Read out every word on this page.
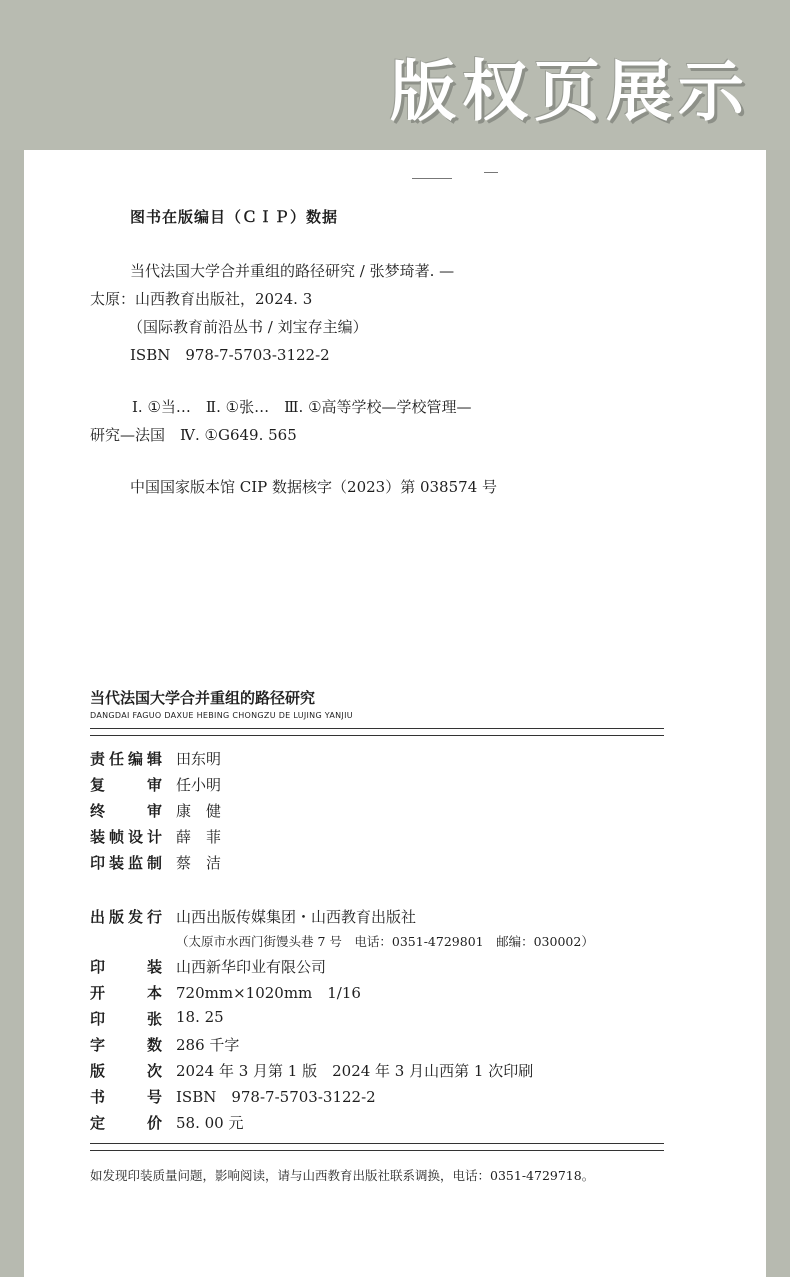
版权页展示
图书在版编目（ＣＩＰ）数据
当代法国大学合并重组的路径研究 / 张梦琦著. —
太原：山西教育出版社，2024. 3
（国际教育前沿丛书 / 刘宝存主编）
ISBN　978-7-5703-3122-2
Ⅰ. ①当…　Ⅱ. ①张…　Ⅲ. ①高等学校—学校管理—
研究—法国　Ⅳ. ①G649. 565
中国国家版本馆 CIP 数据核字（2023）第 038574 号
当代法国大学合并重组的路径研究
DANGDAI FAGUO DAXUE HEBING CHONGZU DE LUJING YANJIU
责任编辑 田东明
复审 任小明
终审 康　健
装帧设计 薛　菲
印装监制 蔡　洁
出版发行 山西出版传媒集团・山西教育出版社
（太原市水西门街馒头巷 7 号　电话：0351-4729801　邮编：030002）
印装 山西新华印业有限公司
开本 720mm×1020mm　1/16
印张 18. 25
字数 286 千字
版次 2024 年 3 月第 1 版　2024 年 3 月山西第 1 次印刷
书号 ISBN　978-7-5703-3122-2
定价 58. 00 元
如发现印装质量问题，影响阅读，请与山西教育出版社联系调换，电话：0351-4729718。
